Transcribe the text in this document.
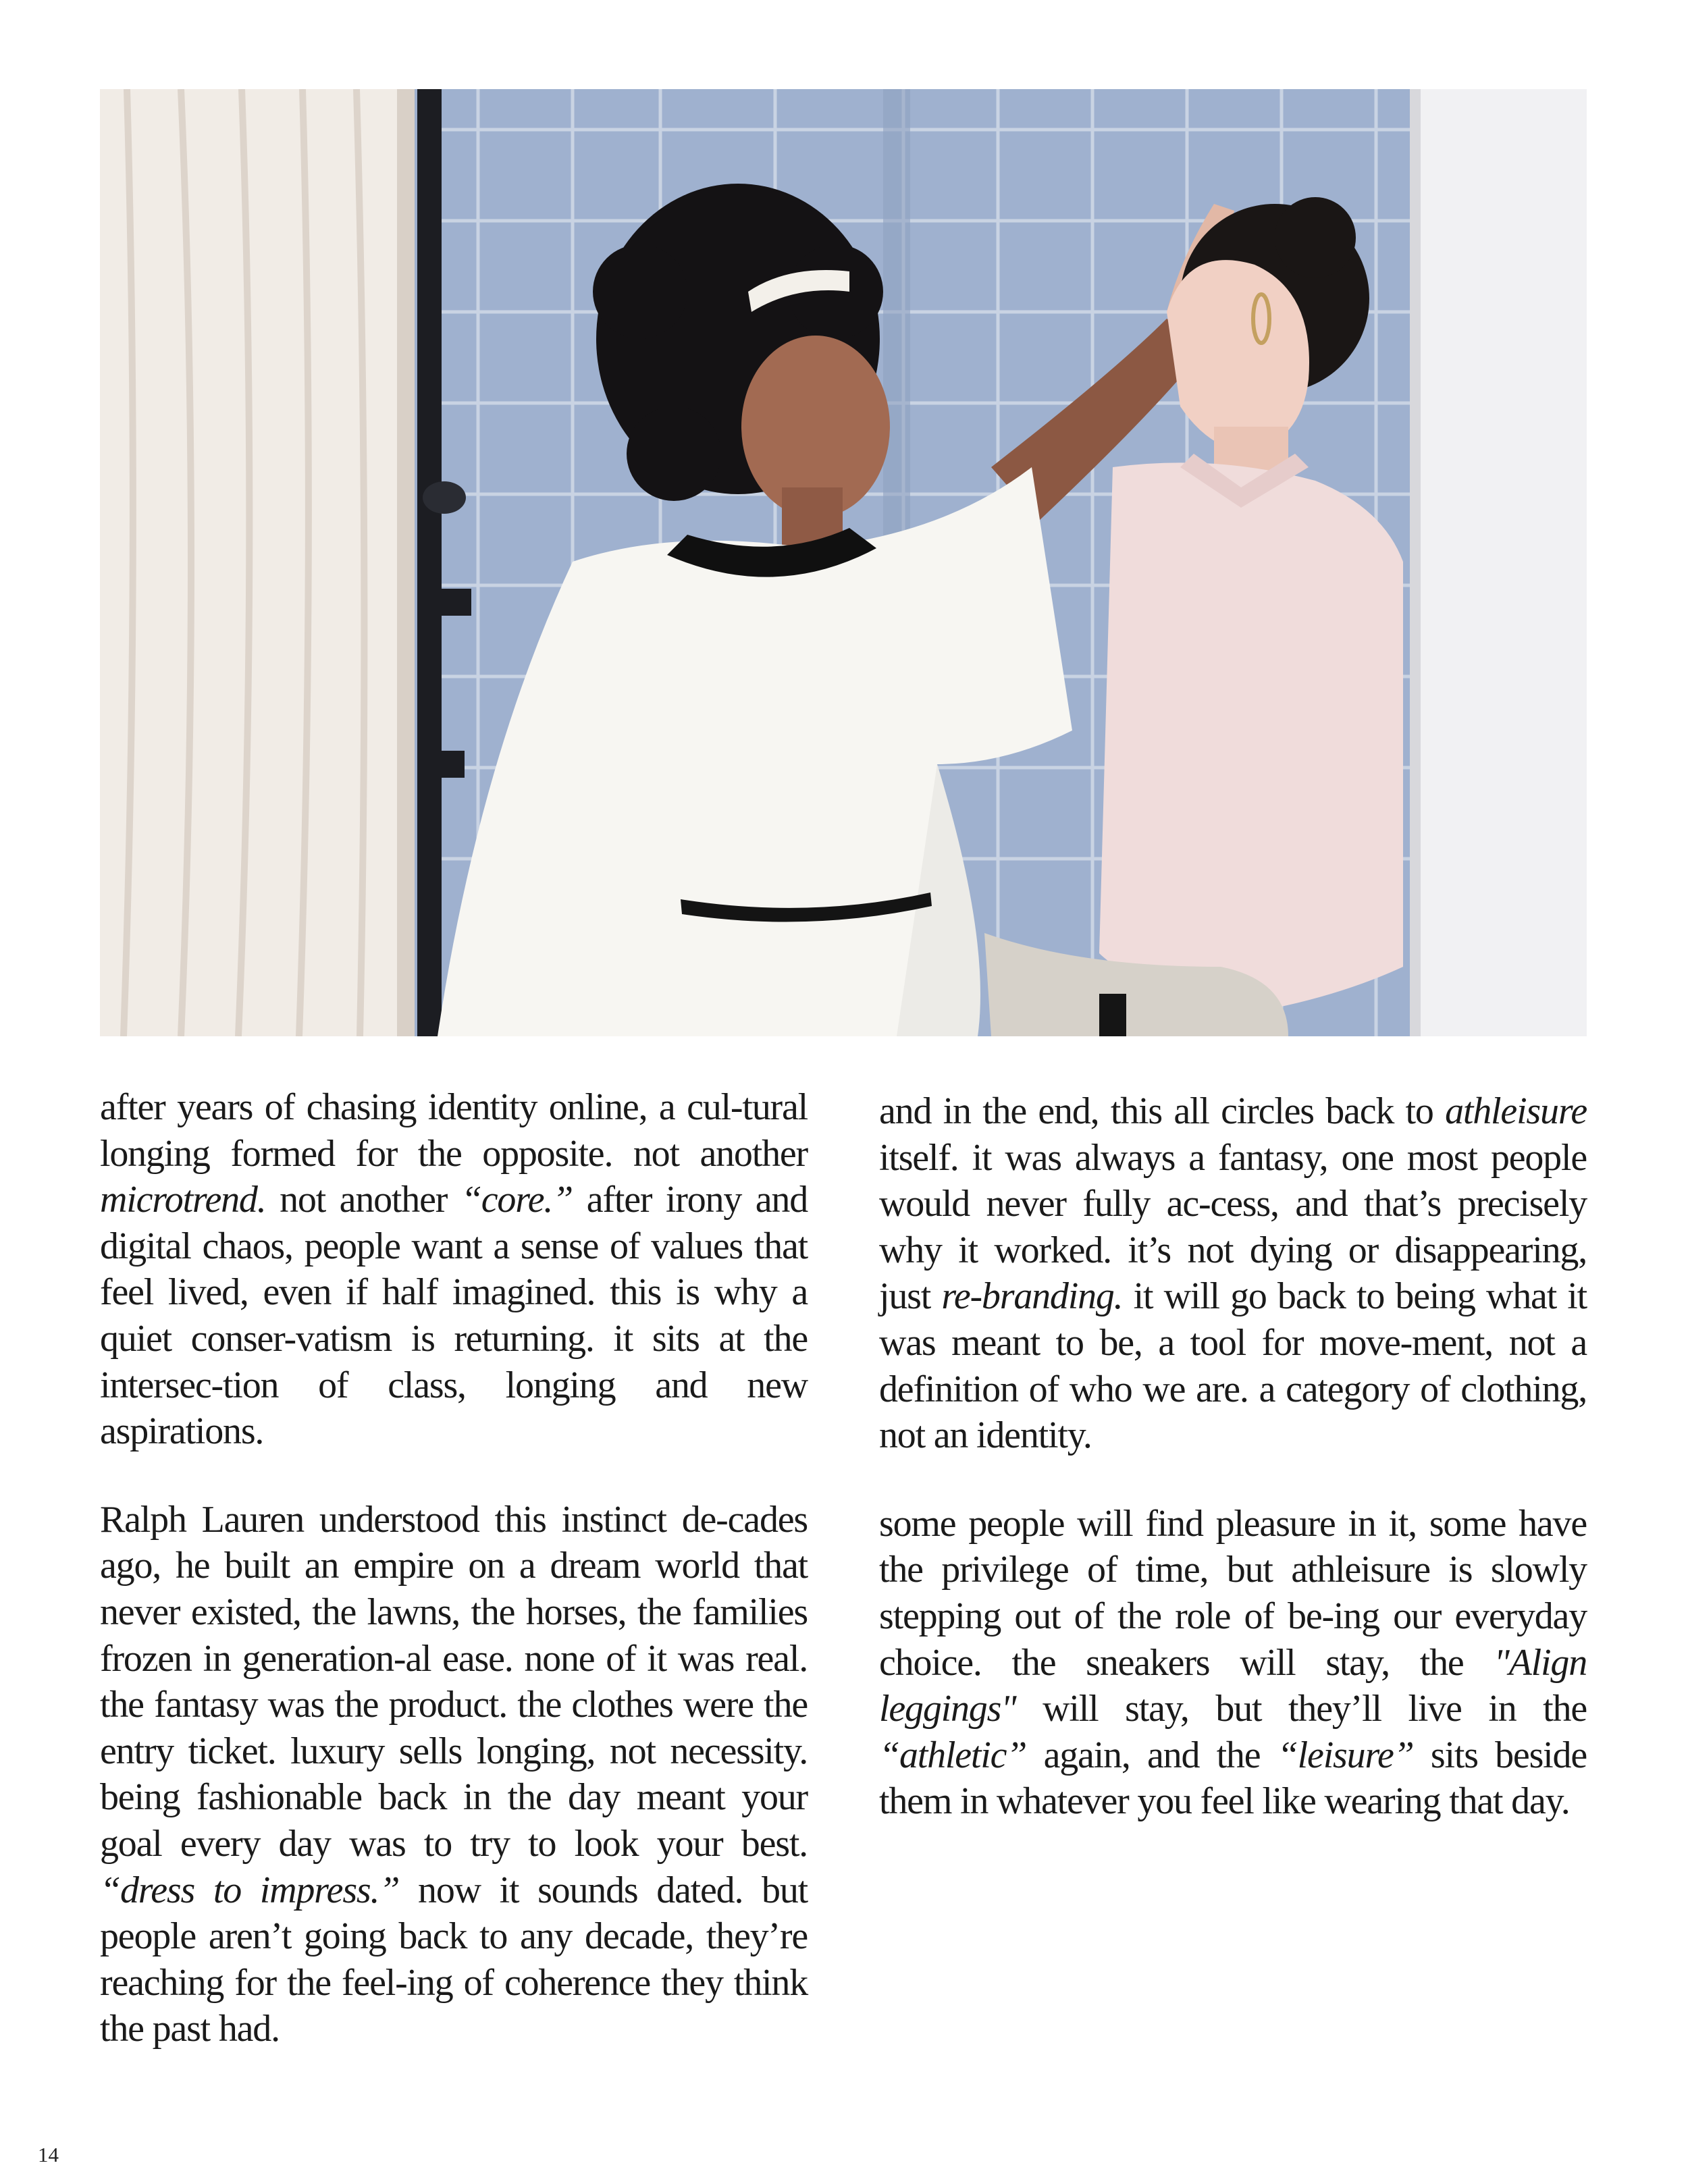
after years of chasing identity online, a cul-tural longing formed for the opposite. not another microtrend. not another “core.” after irony and digital chaos, people want a sense of values that feel lived, even if half imagined. this is why a quiet conser-vatism is returning. it sits at the intersec-tion of class, longing and new aspirations.

Ralph Lauren understood this instinct de-cades ago, he built an empire on a dream world that never existed, the lawns, the horses, the families frozen in generation-al ease. none of it was real. the fantasy was the product. the clothes were the entry ticket. luxury sells longing, not necessity. being fashionable back in the day meant your goal every day was to try to look your best. “dress to impress.” now it sounds dated. but people aren’t going back to any decade, they’re reaching for the feel-ing of coherence they think the past had.

and in the end, this all circles back to athleisure itself. it was always a fantasy, one most people would never fully ac-cess, and that’s precisely why it worked. it’s not dying or disappearing, just re-branding. it will go back to being what it was meant to be, a tool for move-ment, not a definition of who we are. a category of clothing, not an identity.

some people will find pleasure in it, some have the privilege of time, but athleisure is slowly stepping out of the role of be-ing our everyday choice. the sneakers will stay, the "Align leggings" will stay, but they’ll live in the “athletic” again, and the “leisure” sits beside them in whatever you feel like wearing that day.

14
